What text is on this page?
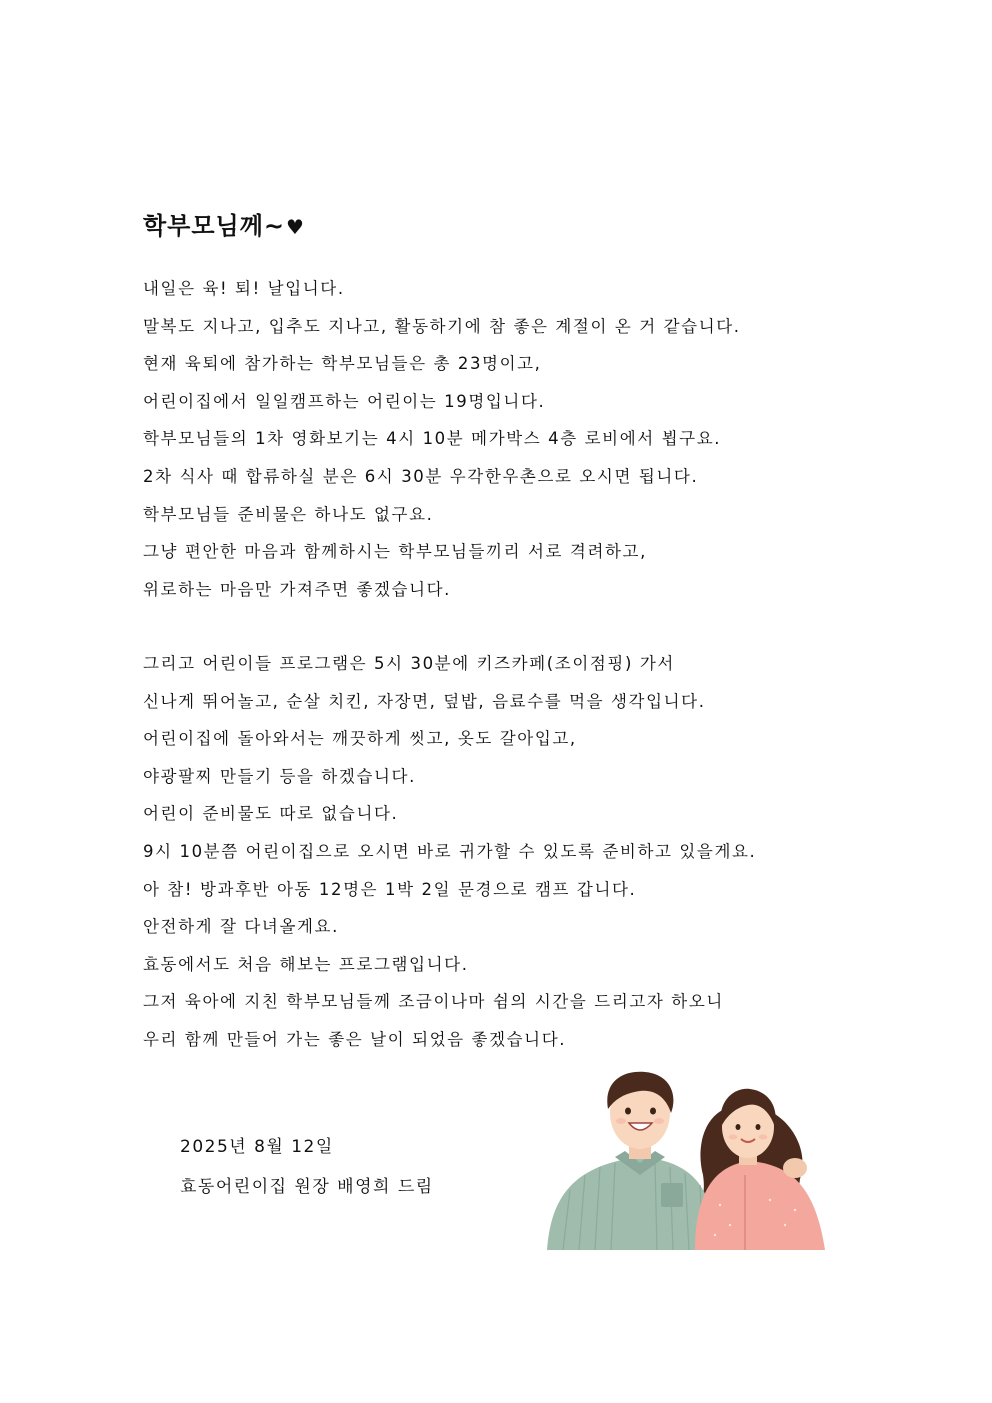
학부모님께~♥
내일은 육! 퇴! 날입니다.
말복도 지나고, 입추도 지나고, 활동하기에 참 좋은 계절이 온 거 같습니다.
현재 육퇴에 참가하는 학부모님들은 총 23명이고,
어린이집에서 일일캠프하는 어린이는 19명입니다.
학부모님들의 1차 영화보기는 4시 10분 메가박스 4층 로비에서 뵙구요.
2차 식사 때 합류하실 분은 6시 30분 우각한우촌으로 오시면 됩니다.
학부모님들 준비물은 하나도 없구요.
그냥 편안한 마음과 함께하시는 학부모님들끼리 서로 격려하고,
위로하는 마음만 가져주면 좋겠습니다.
그리고 어린이들 프로그램은 5시 30분에 키즈카페(조이점핑) 가서
신나게 뛰어놀고, 순살 치킨, 자장면, 덮밥, 음료수를 먹을 생각입니다.
어린이집에 돌아와서는 깨끗하게 씻고, 옷도 갈아입고,
야광팔찌 만들기 등을 하겠습니다.
어린이 준비물도 따로 없습니다.
9시 10분쯤 어린이집으로 오시면 바로 귀가할 수 있도록 준비하고 있을게요.
아 참! 방과후반 아동 12명은 1박 2일 문경으로 캠프 갑니다.
안전하게 잘 다녀올게요.
효동에서도 처음 해보는 프로그램입니다.
그저 육아에 지친 학부모님들께 조금이나마 쉼의 시간을 드리고자 하오니
우리 함께 만들어 가는 좋은 날이 되었음 좋겠습니다.
2025년 8월 12일
효동어린이집 원장 배영희 드림
